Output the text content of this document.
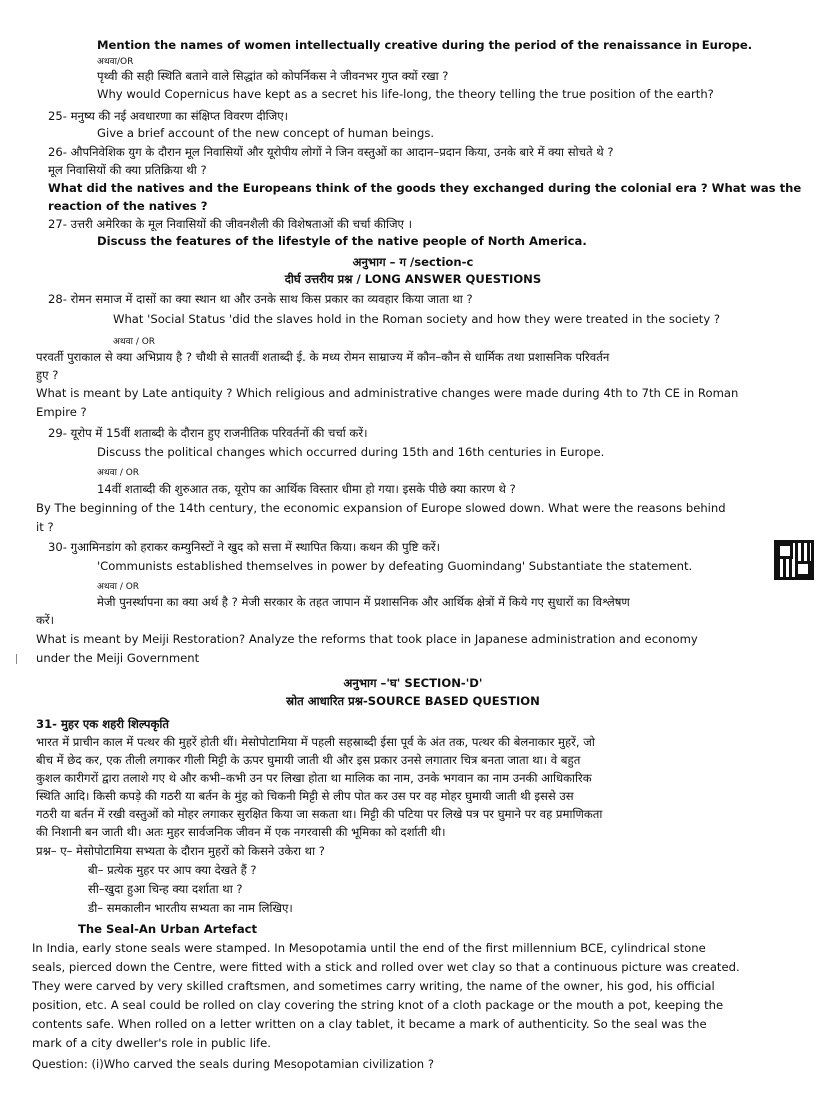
Mention the names of women intellectually creative during the period of the renaissance in Europe.
अथवा/OR
पृथ्वी की सही स्थिति बताने वाले सिद्धांत को कोपर्निकस ने जीवनभर गुप्त क्यों रखा ?
Why would Copernicus have kept as a secret his life-long, the theory telling the true position of the earth?
25- मनुष्य की नई अवधारणा का संक्षिप्त विवरण दीजिए।
Give a brief account of the new concept of human beings.
26- औपनिवेशिक युग के दौरान मूल निवासियों और यूरोपीय लोगों ने जिन वस्तुओं का आदान–प्रदान किया, उनके बारे में क्या सोचते थे ?
मूल निवासियों की क्या प्रतिक्रिया थी ?
What did the natives and the Europeans think of the goods they exchanged during the colonial era ? What was the
reaction of the natives ?
27- उत्तरी अमेरिका के मूल निवासियों की जीवनशैली की विशेषताओं की चर्चा कीजिए ।
Discuss the features of the lifestyle of the native people of North America.
अनुभाग – ग /section-c
दीर्घ उत्तरीय प्रश्न / LONG ANSWER QUESTIONS
28- रोमन समाज में दासों का क्या स्थान था और उनके साथ किस प्रकार का व्यवहार किया जाता था ?
What 'Social Status 'did the slaves hold in the Roman society and how they were treated in the society ?
अथवा / OR
परवर्ती पुराकाल से क्या अभिप्राय है ? चौथी से सातवीं शताब्दी ई. के मध्य रोमन साम्राज्य में कौन–कौन से धार्मिक तथा प्रशासनिक परिवर्तन
हुए ?
What is meant by Late antiquity ? Which religious and administrative changes were made during 4th to 7th CE in Roman
Empire ?
29- यूरोप में 15वीं शताब्दी के दौरान हुए राजनीतिक परिवर्तनों की चर्चा करें।
Discuss the political changes which occurred during 15th and 16th centuries in Europe.
अथवा / OR
14वीं शताब्दी की शुरुआत तक, यूरोप का आर्थिक विस्तार धीमा हो गया। इसके पीछे क्या कारण थे ?
By The beginning of the 14th century, the economic expansion of Europe slowed down. What were the reasons behind
it ?
30- गुआमिनडांग को हराकर कम्युनिस्टों ने खुद को सत्ता में स्थापित किया। कथन की पुष्टि करें।
'Communists established themselves in power by defeating Guomindang' Substantiate the statement.
अथवा / OR
मेजी पुनर्स्थापना का क्या अर्थ है ? मेजी सरकार के तहत जापान में प्रशासनिक और आर्थिक क्षेत्रों में किये गए सुधारों का विश्लेषण
करें।
What is meant by Meiji Restoration? Analyze the reforms that took place in Japanese administration and economy
under the Meiji Government
अनुभाग –'घ' SECTION-'D'
स्रोत आधारित प्रश्न-SOURCE BASED QUESTION
31- मुहर एक शहरी शिल्पकृति
भारत में प्राचीन काल में पत्थर की मुहरें होती थीं। मेसोपोटामिया में पहली सहस्राब्दी ईसा पूर्व के अंत तक, पत्थर की बेलनाकार मुहरें, जो
बीच में छेद कर, एक तीली लगाकर गीली मिट्टी के ऊपर घुमायी जाती थी और इस प्रकार उनसे लगातार चित्र बनता जाता था। वे बहुत
कुशल कारीगरों द्वारा तलाशे गए थे और कभी–कभी उन पर लिखा होता था मालिक का नाम, उनके भगवान का नाम उनकी आधिकारिक
स्थिति आदि। किसी कपड़े की गठरी या बर्तन के मुंह को चिकनी मिट्टी से लीप पोत कर उस पर वह मोहर घुमायी जाती थी इससे उस
गठरी या बर्तन में रखी वस्तुओं को मोहर लगाकर सुरक्षित किया जा सकता था। मिट्टी की पटिया पर लिखे पत्र पर घुमाने पर वह प्रमाणिकता
की निशानी बन जाती थी। अतः मुहर सार्वजनिक जीवन में एक नगरवासी की भूमिका को दर्शाती थी।
प्रश्न– ए– मेसोपोटामिया सभ्यता के दौरान मुहरों को किसने उकेरा था ?
बी– प्रत्येक मुहर पर आप क्या देखते हैं ?
सी–खुदा हुआ चिन्ह क्या दर्शाता था ?
डी– समकालीन भारतीय सभ्यता का नाम लिखिए।
The Seal-An Urban Artefact
In India, early stone seals were stamped. In Mesopotamia until the end of the first millennium BCE, cylindrical stone
seals, pierced down the Centre, were fitted with a stick and rolled over wet clay so that a continuous picture was created.
They were carved by very skilled craftsmen, and sometimes carry writing, the name of the owner, his god, his official
position, etc. A seal could be rolled on clay covering the string knot of a cloth package or the mouth a pot, keeping the
contents safe. When rolled on a letter written on a clay tablet, it became a mark of authenticity. So the seal was the
mark of a city dweller's role in public life.
Question: (i)Who carved the seals during Mesopotamian civilization ?
